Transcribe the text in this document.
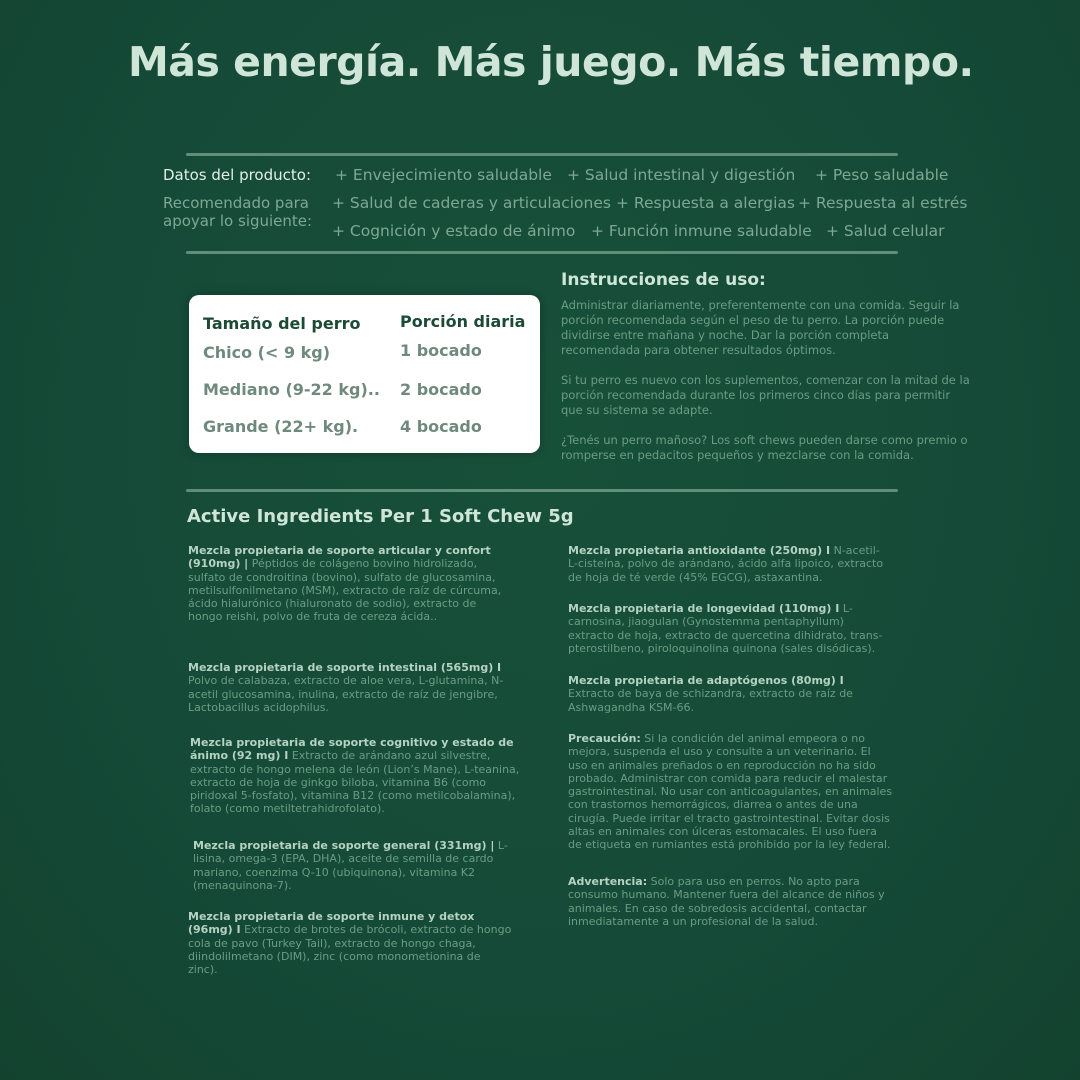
Más energía. Más juego. Más tiempo.
Datos del producto:
Recomendado para apoyar lo siguiente:
+ Envejecimiento saludable + Salud intestinal y digestión + Peso saludable
+ Salud de caderas y articulaciones + Respuesta a alergias + Respuesta al estrés
+ Cognición y estado de ánimo + Función inmune saludable + Salud celular
Tamaño del perro Porción diaria
Chico (< 9 kg)	1 bocado
Mediano (9-22 kg).. 2 bocado
Grande (22+ kg).	4 bocado
Instrucciones de uso:

Administrar diariamente, preferentemente con una comida. Seguir la porción recomendada según el peso de tu perro. La porción puede dividirse entre mañana y noche. Dar la porción completa recomendada para obtener resultados óptimos.

Si tu perro es nuevo con los suplementos, comenzar con la mitad de la porción recomendada durante los primeros cinco días para permitir que su sistema se adapte.

¿Tenés un perro mañoso? Los soft chews pueden darse como premio o romperse en pedacitos pequeños y mezclarse con la comida.

Active Ingredients Per 1 Soft Chew 5g
Mezcla propietaria de soporte articular y confort (910mg) | Péptidos de colágeno bovino hidrolizado, sulfato de condroitina (bovino), sulfato de glucosamina, metilsulfonilmetano (MSM), extracto de raíz de cúrcuma, ácido hialurónico (hialuronato de sodio), extracto de hongo reishi, polvo de fruta de cereza ácida..
Mezcla propietaria de soporte intestinal (565mg) I Polvo de calabaza, extracto de aloe vera, L-glutamina, N-acetil glucosamina, inulina, extracto de raíz de jengibre, Lactobacillus acidophilus.
Mezcla propietaria de soporte cognitivo y estado de ánimo (92 mg) I Extracto de arándano azul silvestre, extracto de hongo melena de león (Lion’s Mane), L-teanina, extracto de hoja de ginkgo biloba, vitamina B6 (como piridoxal 5-fosfato), vitamina B12 (como metilcobalamina), folato (como metiltetrahidrofolato).
Mezcla propietaria de soporte general (331mg) | L-lisina, omega-3 (EPA, DHA), aceite de semilla de cardo mariano, coenzima Q-10 (ubiquinona), vitamina K2 (menaquinona-7).
Mezcla propietaria de soporte inmune y detox (96mg) I Extracto de brotes de brócoli, extracto de hongo cola de pavo (Turkey Tail), extracto de hongo chaga, diindolilmetano (DIM), zinc (como monometionina de zinc).
Mezcla propietaria antioxidante (250mg) I N-acetil-L-cisteína, polvo de arándano, ácido alfa lipoico, extracto de hoja de té verde (45% EGCG), astaxantina.
Mezcla propietaria de longevidad (110mg) I L-carnosina, jiaogulan (Gynostemma pentaphyllum) extracto de hoja, extracto de quercetina dihidrato, trans-pterostilbeno, piroloquinolina quinona (sales disódicas).
Mezcla propietaria de adaptógenos (80mg) I Extracto de baya de schizandra, extracto de raíz de Ashwagandha KSM-66.
Precaución: Si la condición del animal empeora o no mejora, suspenda el uso y consulte a un veterinario. El uso en animales preñados o en reproducción no ha sido probado. Administrar con comida para reducir el malestar gastrointestinal. No usar con anticoagulantes, en animales con trastornos hemorrágicos, diarrea o antes de una cirugía. Puede irritar el tracto gastrointestinal. Evitar dosis altas en animales con úlceras estomacales. El uso fuera de etiqueta en rumiantes está prohibido por la ley federal.
Advertencia: Solo para uso en perros. No apto para consumo humano. Mantener fuera del alcance de niños y animales. En caso de sobredosis accidental, contactar inmediatamente a un profesional de la salud.
